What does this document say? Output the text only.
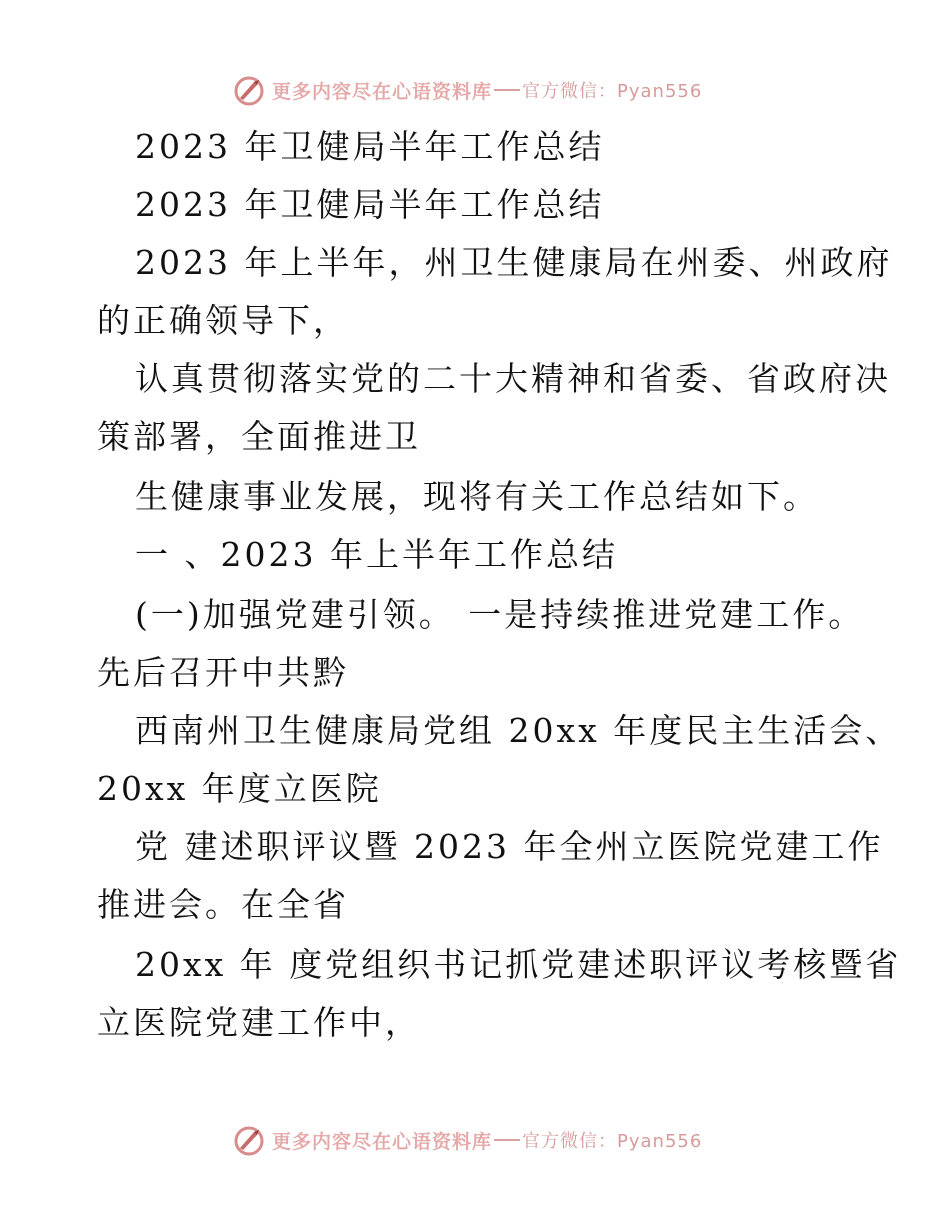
更多内容尽在心语资料库 官方微信：Pyan556
2023 年卫健局半年工作总结
2023 年卫健局半年工作总结
2023 年上半年，州卫生健康局在州委、州政府
的正确领导下，
认真贯彻落实党的二十大精神和省委、省政府决
策部署，全面推进卫
生健康事业发展，现将有关工作总结如下。
一 、2023 年上半年工作总结
(一)加强党建引领。 一是持续推进党建工作。
先后召开中共黔
西南州卫生健康局党组 20xx 年度民主生活会、
20xx 年度立医院
党 建述职评议暨 2023 年全州立医院党建工作
推进会。在全省
20xx 年 度党组织书记抓党建述职评议考核暨省
立医院党建工作中，
更多内容尽在心语资料库 官方微信：Pyan556
